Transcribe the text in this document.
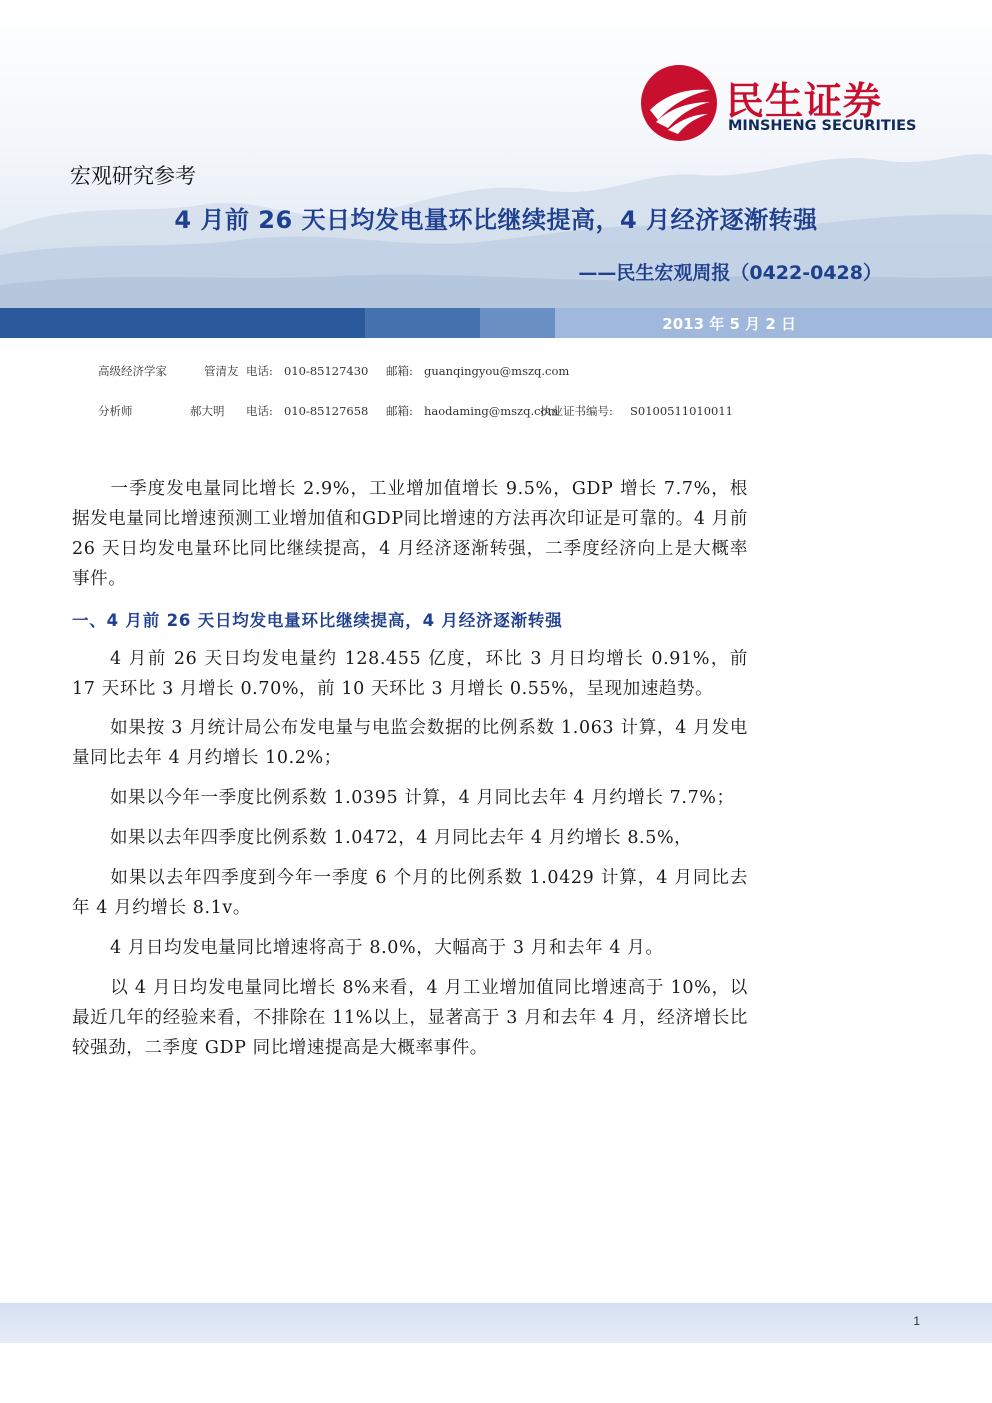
民生证券
MINSHENG SECURITIES
宏观研究参考
4 月前 26 天日均发电量环比继续提高，4 月经济逐渐转强
——民生宏观周报（0422-0428）
2013 年 5 月 2 日
高级经济学家	管清友 电话: 010-85127430 邮箱: guanqingyou@mszq.com
分析师	郝大明 电话: 010-85127658 邮箱: haodaming@mszq.com执业证书编号: S0100511010011

一季度发电量同比增长 2.9%，工业增加值增长 9.5%，GDP 增长 7.7%，根据发电量同比增速预测工业增加值和GDP同比增速的方法再次印证是可靠的。4 月前 26 天日均发电量环比同比继续提高，4 月经济逐渐转强，二季度经济向上是大概率事件。

一、4 月前 26 天日均发电量环比继续提高，4 月经济逐渐转强

4 月前 26 天日均发电量约 128.455 亿度，环比 3 月日均增长 0.91%，前 17 天环比 3 月增长 0.70%，前 10 天环比 3 月增长 0.55%，呈现加速趋势。

如果按 3 月统计局公布发电量与电监会数据的比例系数 1.063 计算，4 月发电量同比去年 4 月约增长 10.2%；

如果以今年一季度比例系数 1.0395 计算，4 月同比去年 4 月约增长 7.7%；

如果以去年四季度比例系数 1.0472，4 月同比去年 4 月约增长 8.5%，

如果以去年四季度到今年一季度 6 个月的比例系数 1.0429 计算，4 月同比去年 4 月约增长 8.1v。

4 月日均发电量同比增速将高于 8.0%，大幅高于 3 月和去年 4 月。

以 4 月日均发电量同比增长 8%来看，4 月工业增加值同比增速高于 10%，以最近几年的经验来看，不排除在 11%以上，显著高于 3 月和去年 4 月，经济增长比较强劲，二季度 GDP 同比增速提高是大概率事件。

1
